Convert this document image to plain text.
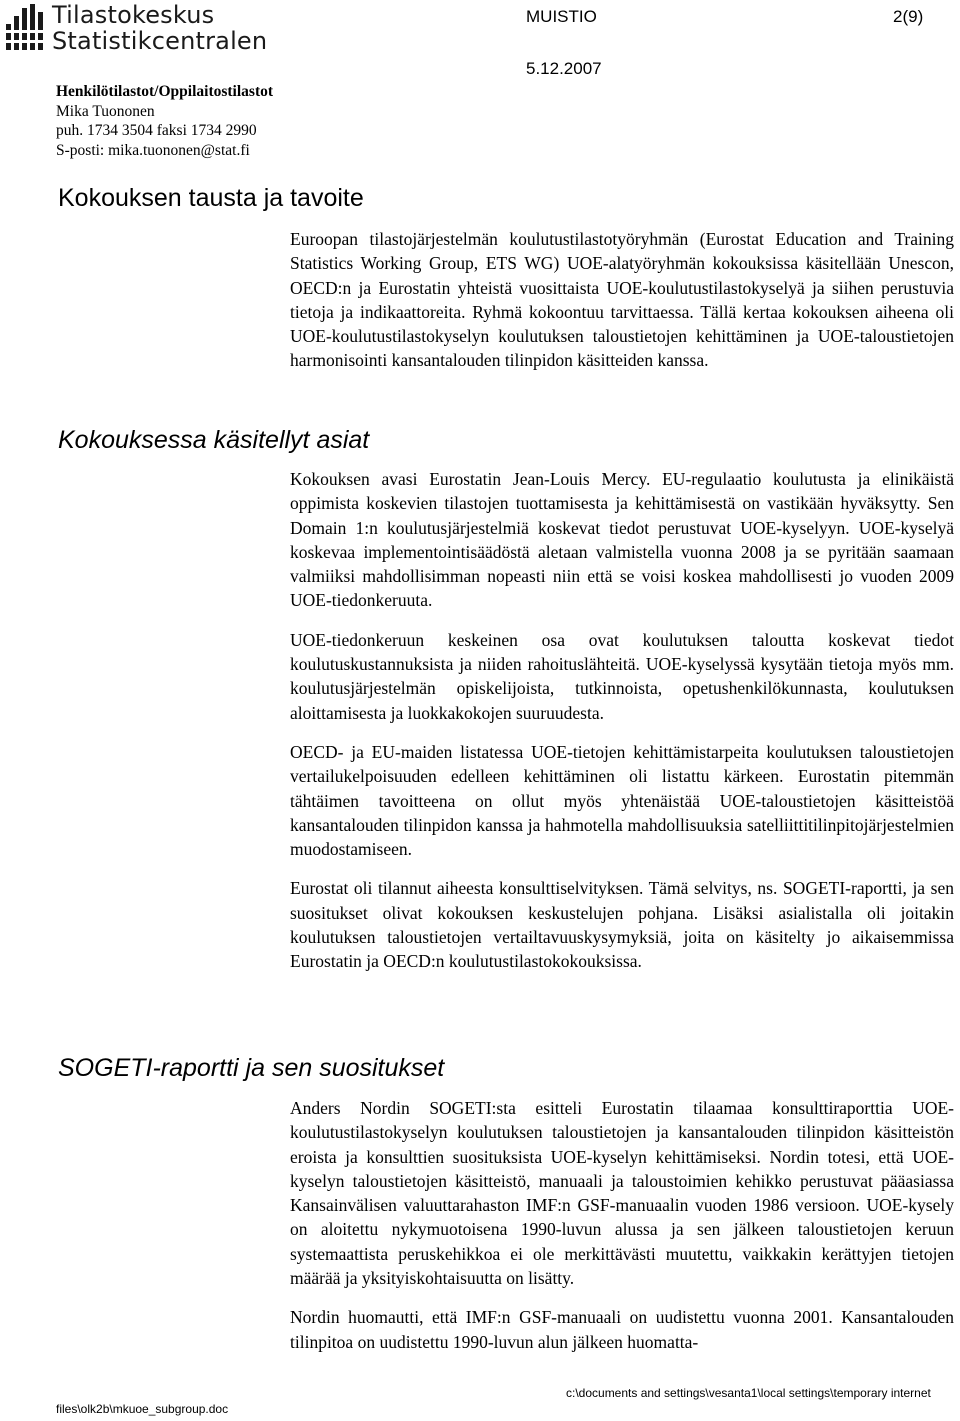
Tilastokeskus
Statistikcentralen
MUISTIO	2(9)
5.12.2007
Henkilötilastot/Oppilaitostilastot
Mika Tuononen
puh. 1734 3504 faksi 1734 2990
S-posti: mika.tuononen@stat.fi
Kokouksen tausta ja tavoite

Euroopan tilastojärjestelmän koulutustilastotyöryhmän (Eurostat Education and Training Statistics Working Group, ETS WG) UOE-alatyöryhmän kokouksissa käsitellään Unescon, OECD:n ja Eurostatin yhteistä vuosittaista UOE-koulutustilastokyselyä ja siihen perustuvia tietoja ja indikaattoreita. Ryhmä kokoontuu tarvittaessa. Tällä kertaa kokouksen aiheena oli UOE-koulutustilastokyselyn koulutuksen taloustietojen kehittäminen ja UOE-taloustietojen harmonisointi kansantalouden tilinpidon käsitteiden kanssa.

Kokouksessa käsitellyt asiat

Kokouksen avasi Eurostatin Jean-Louis Mercy. EU-regulaatio koulutusta ja elinikäistä oppimista koskevien tilastojen tuottamisesta ja kehittämisestä on vastikään hyväksytty. Sen Domain 1:n koulutusjärjestelmiä koskevat tiedot perustuvat UOE-kyselyyn. UOE-kyselyä koskevaa implementointisäädöstä aletaan valmistella vuonna 2008 ja se pyritään saamaan valmiiksi mahdollisimman nopeasti niin että se voisi koskea mahdollisesti jo vuoden 2009 UOE-tiedonkeruuta.

UOE-tiedonkeruun keskeinen osa ovat koulutuksen taloutta koskevat tiedot koulutuskustannuksista ja niiden rahoituslähteitä. UOE-kyselyssä kysytään tietoja myös mm. koulutusjärjestelmän opiskelijoista, tutkinnoista, opetushenkilökunnasta, koulutuksen aloittamisesta ja luokkakokojen suuruudesta.

OECD- ja EU-maiden listatessa UOE-tietojen kehittämistarpeita koulutuksen taloustietojen vertailukelpoisuuden edelleen kehittäminen oli listattu kärkeen. Eurostatin pitemmän tähtäimen tavoitteena on ollut myös yhtenäistää UOE-taloustietojen käsitteistöä kansantalouden tilinpidon kanssa ja hahmotella mahdollisuuksia satelliittitilinpitojärjestelmien muodostamiseen.

Eurostat oli tilannut aiheesta konsulttiselvityksen. Tämä selvitys, ns. SOGETI-raportti, ja sen suositukset olivat kokouksen keskustelujen pohjana. Lisäksi asialistalla oli joitakin koulutuksen taloustietojen vertailtavuuskysymyksiä, joita on käsitelty jo aikaisemmissa Eurostatin ja OECD:n koulutustilastokokouksissa.

SOGETI-raportti ja sen suositukset

Anders Nordin SOGETI:sta esitteli Eurostatin tilaamaa konsulttiraporttia UOE-koulutustilastokyselyn koulutuksen taloustietojen ja kansantalouden tilinpidon käsitteistön eroista ja konsulttien suosituksista UOE-kyselyn kehittämiseksi. Nordin totesi, että UOE-kyselyn taloustietojen käsitteistö, manuaali ja taloustoimien kehikko perustuvat pääasiassa Kansainvälisen valuuttarahaston IMF:n GSF-manuaalin vuoden 1986 versioon. UOE-kysely on aloitettu nykymuotoisena 1990-luvun alussa ja sen jälkeen taloustietojen keruun systemaattista peruskehikkoa ei ole merkittävästi muutettu, vaikkakin kerättyjen tietojen määrää ja yksityiskohtaisuutta on lisätty.

Nordin huomautti, että IMF:n GSF-manuaali on uudistettu vuonna 2001. Kansantalouden tilinpitoa on uudistettu 1990-luvun alun jälkeen huomatta-

files\olk2b\mkuoe_subgroup.doc
c:\documents and settings\vesanta1\local settings\temporary internet
